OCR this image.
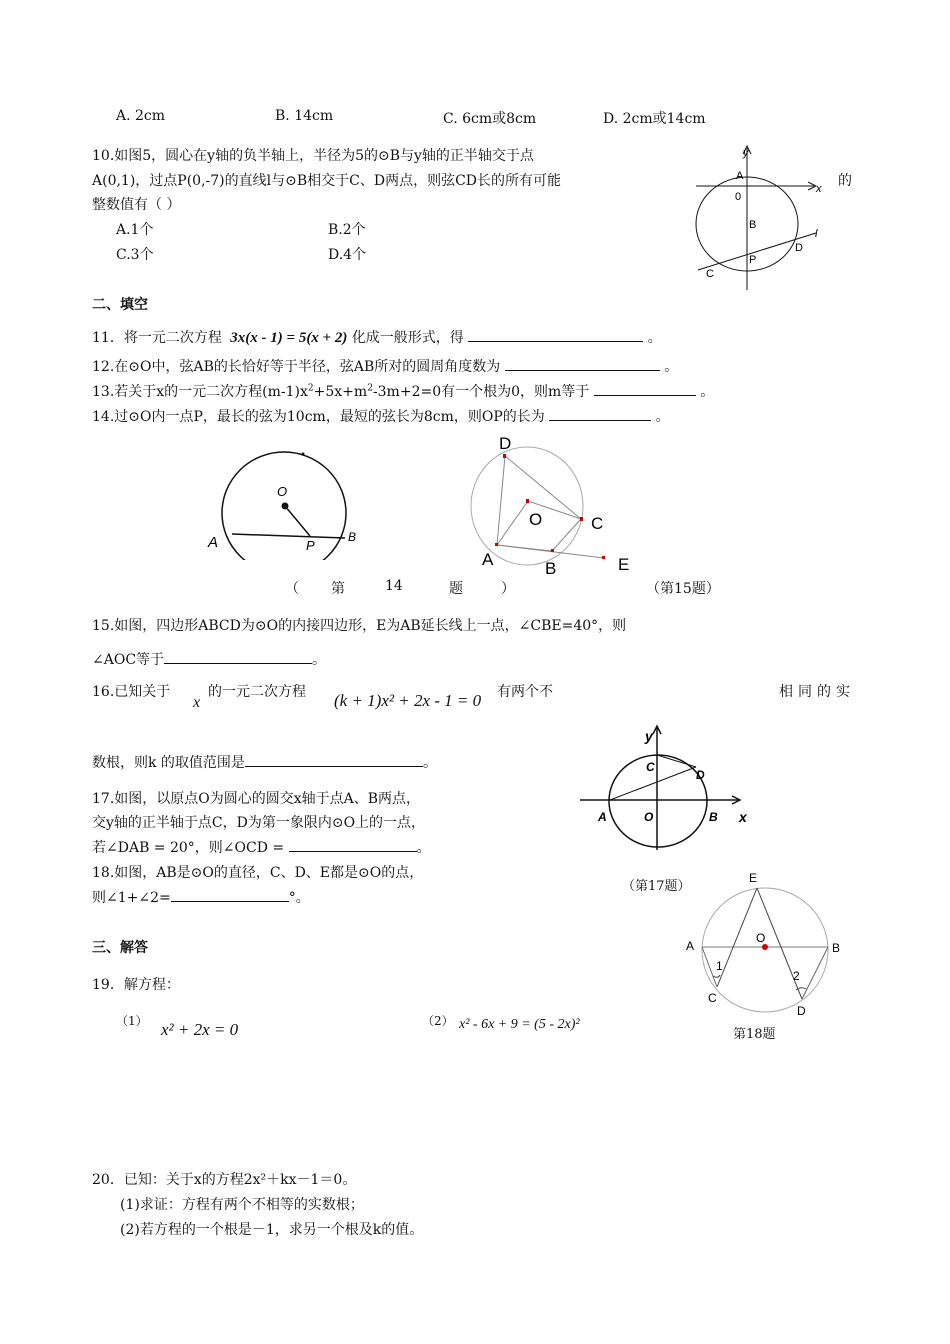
A. 2cm	B. 14cm	C. 6cm或8cm	D. 2cm或14cm
10.如图5，圆心在y轴的负半轴上，半径为5的⊙B与y轴的正半轴交于点
A(0,1)，过点P(0,-7)的直线l与⊙B相交于C、D两点，则弦CD长的所有可能	的
整数值有（ ）
A.1个	B.2个
C.3个	D.4个
y
x
A
0
B
l
D
C
P
二、填空
11．将一元二次方程 3x(x - 1) = 5(x + 2) 化成一般形式，得	。
12.在⊙O中，弦AB的长恰好等于半径，弦AB所对的圆周角度数为	。
13.若关于x的一元二次方程$(m-1)x^2+5x+m^2-3m+2=0$有一个根为0，则m等于	。
14.过⊙O内一点P，最长的弦为10cm，最短的弦长为8cm，则OP的长为	。
O
A	P
B
（ 第	14	题	）
D
O	C
A	B	E
（第15题）
15.如图，四边形ABCD为⊙O的内接四边形，E为AB延长线上一点，∠CBE=40°，则
∠AOC等于	。
16.已知关于
x
的一元二次方程 (k + 1)x² + 2x - 1 = 0 有两个不	相同的实
数根，则k 的取值范围是	。
y
C
D
A	O	B x
（第17题）
17.如图，以原点O为圆心的圆交x轴于点A、B两点，
交y轴的正半轴于点C，D为第一象限内⊙O上的一点，
若∠DAB = 20°，则∠OCD =	。
18.如图，AB是⊙O的直径，C、D、E都是⊙O的点，
则∠1+∠2=	°。
E
O
A	B
1
2
C
D
第18题
三、解答
19．解方程：
（1） x² + 2x = 0	（2） x² - 6x + 9 = (5 - 2x)²
20．已知：关于x的方程2x²＋kx－1＝0。
(1)求证：方程有两个不相等的实数根；
(2)若方程的一个根是－1，求另一个根及k的值。
